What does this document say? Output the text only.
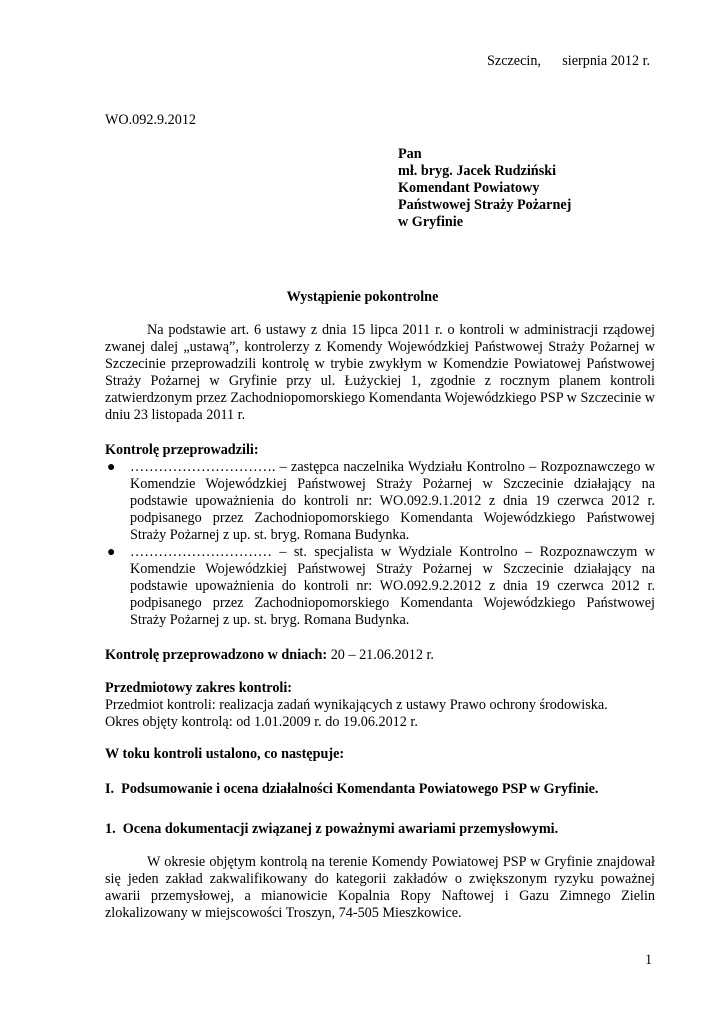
Szczecin,      sierpnia 2012 r.
WO.092.9.2012
Pan
mł. bryg. Jacek Rudziński
Komendant Powiatowy
Państwowej Straży Pożarnej
w Gryfinie
Wystąpienie pokontrolne
Na podstawie art. 6 ustawy z dnia 15 lipca 2011 r. o kontroli w administracji rządowej zwanej dalej „ustawą”, kontrolerzy z Komendy Wojewódzkiej Państwowej Straży Pożarnej w Szczecinie przeprowadzili kontrolę w trybie zwykłym w Komendzie Powiatowej Państwowej Straży Pożarnej w Gryfinie przy ul. Łużyckiej 1, zgodnie z rocznym planem kontroli zatwierdzonym przez Zachodniopomorskiego Komendanta Wojewódzkiego PSP w Szczecinie w dniu 23 listopada 2011 r.
Kontrolę przeprowadzili:
● …………………………. – zastępca naczelnika Wydziału Kontrolno – Rozpoznawczego w Komendzie Wojewódzkiej Państwowej Straży Pożarnej w Szczecinie działający na podstawie upoważnienia do kontroli nr: WO.092.9.1.2012 z dnia 19 czerwca 2012 r. podpisanego przez Zachodniopomorskiego Komendanta Wojewódzkiego Państwowej Straży Pożarnej z up. st. bryg. Romana Budynka.
● ………………………… – st. specjalista w Wydziale Kontrolno – Rozpoznawczym w Komendzie Wojewódzkiej Państwowej Straży Pożarnej w Szczecinie działający na podstawie upoważnienia do kontroli nr: WO.092.9.2.2012 z dnia 19 czerwca 2012 r. podpisanego przez Zachodniopomorskiego Komendanta Wojewódzkiego Państwowej Straży Pożarnej z up. st. bryg. Romana Budynka.
Kontrolę przeprowadzono w dniach: 20 – 21.06.2012 r.
Przedmiotowy zakres kontroli:
Przedmiot kontroli: realizacja zadań wynikających z ustawy Prawo ochrony środowiska.
Okres objęty kontrolą: od 1.01.2009 r. do 19.06.2012 r.
W toku kontroli ustalono, co następuje:
I.  Podsumowanie i ocena działalności Komendanta Powiatowego PSP w Gryfinie.
1.  Ocena dokumentacji związanej z poważnymi awariami przemysłowymi.
W okresie objętym kontrolą na terenie Komendy Powiatowej PSP w Gryfinie znajdował się jeden zakład zakwalifikowany do kategorii zakładów o zwiększonym ryzyku poważnej awarii przemysłowej, a mianowicie Kopalnia Ropy Naftowej i Gazu Zimnego Zielin zlokalizowany w miejscowości Troszyn, 74-505 Mieszkowice.
1
